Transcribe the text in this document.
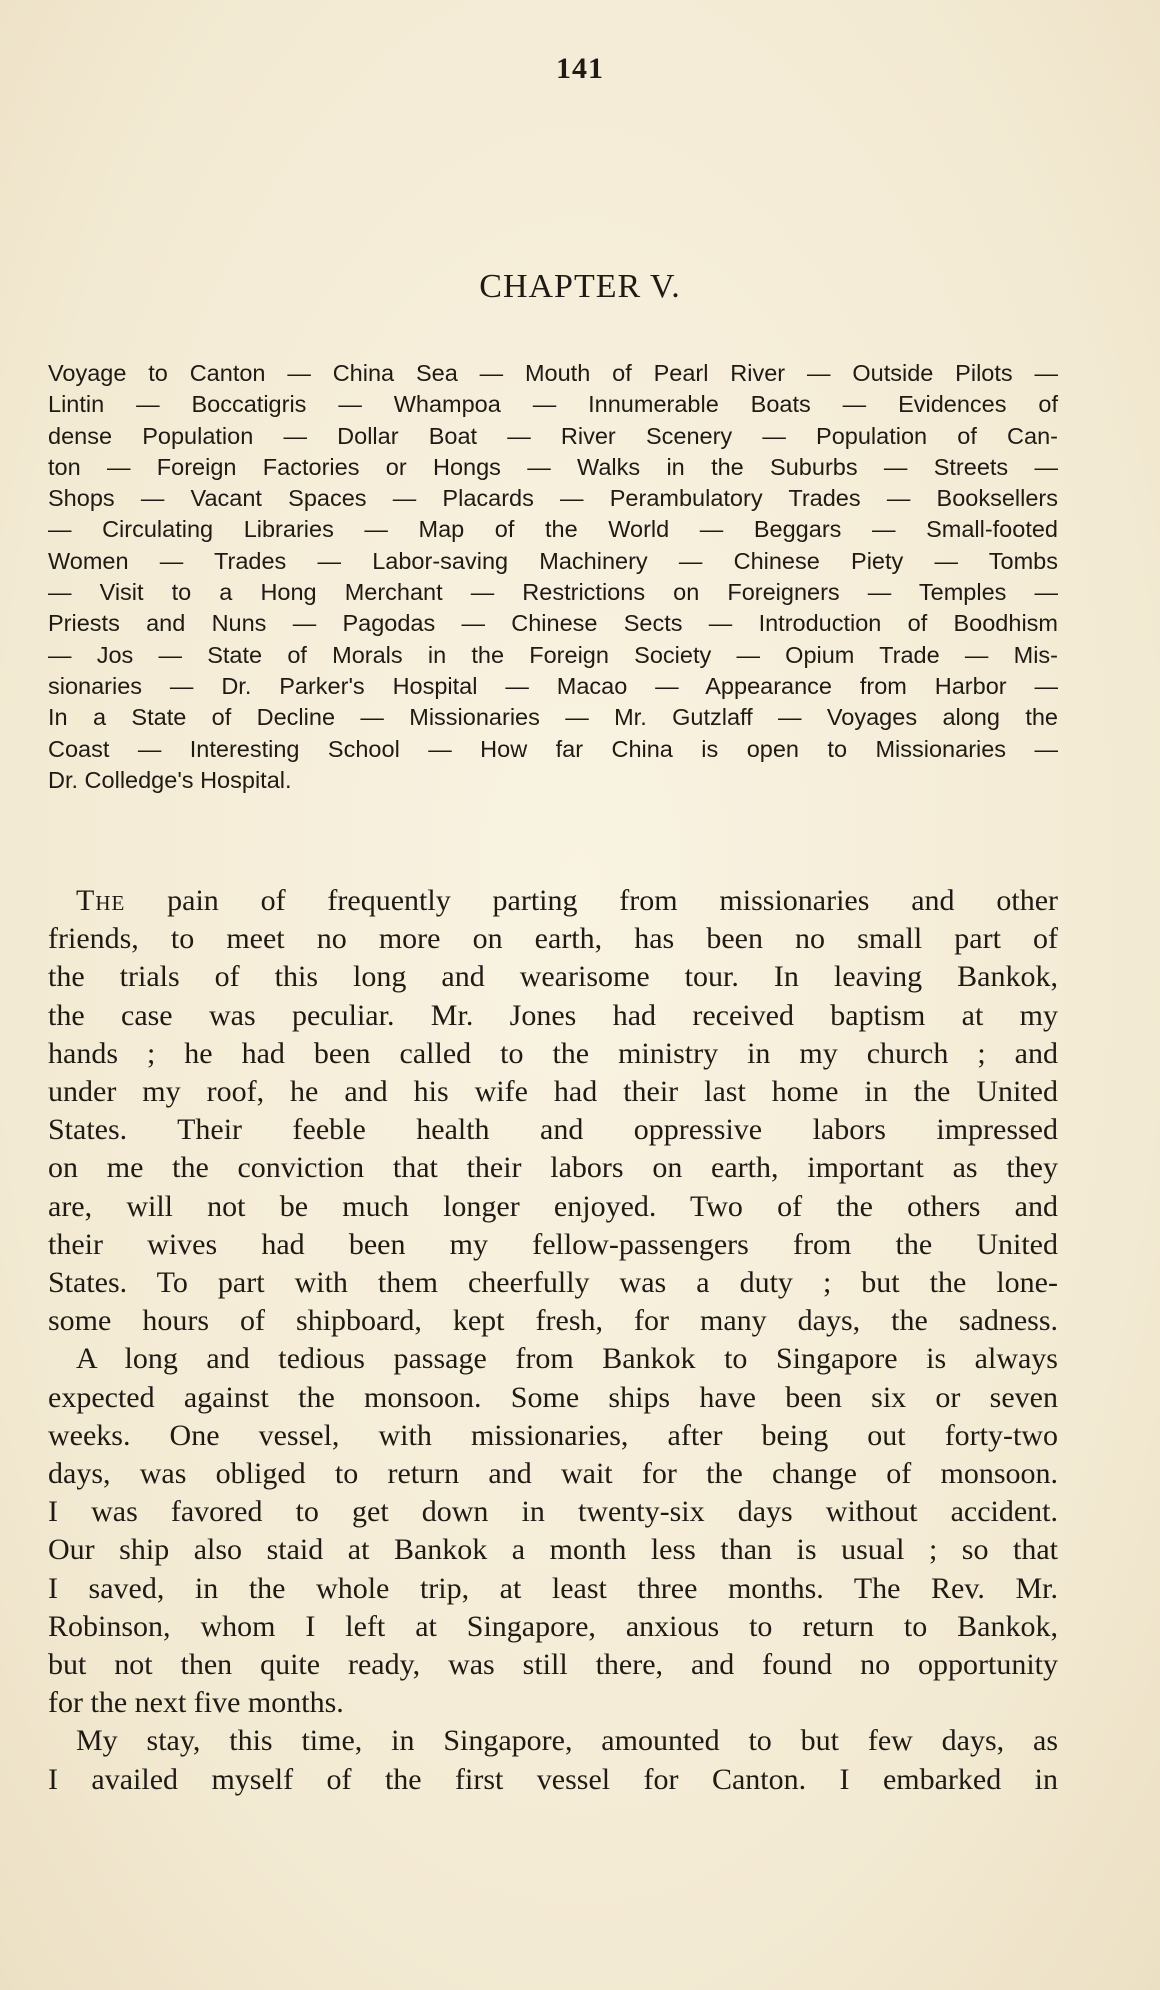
141
CHAPTER V.
Voyage to Canton — China Sea — Mouth of Pearl River — Outside Pilots —
Lintin — Boccatigris — Whampoa — Innumerable Boats — Evidences of
dense Population — Dollar Boat — River Scenery — Population of Can-
ton — Foreign Factories or Hongs — Walks in the Suburbs — Streets —
Shops — Vacant Spaces — Placards — Perambulatory Trades — Booksellers
— Circulating Libraries — Map of the World — Beggars — Small-footed
Women — Trades — Labor-saving Machinery — Chinese Piety — Tombs
— Visit to a Hong Merchant — Restrictions on Foreigners — Temples —
Priests and Nuns — Pagodas — Chinese Sects — Introduction of Boodhism
— Jos — State of Morals in the Foreign Society — Opium Trade — Mis-
sionaries — Dr. Parker's Hospital — Macao — Appearance from Harbor —
In a State of Decline — Missionaries — Mr. Gutzlaff — Voyages along the
Coast — Interesting School — How far China is open to Missionaries —
Dr. Colledge's Hospital.
The pain of frequently parting from missionaries and other
friends, to meet no more on earth, has been no small part of
the trials of this long and wearisome tour. In leaving Bankok,
the case was peculiar. Mr. Jones had received baptism at my
hands ; he had been called to the ministry in my church ; and
under my roof, he and his wife had their last home in the United
States. Their feeble health and oppressive labors impressed
on me the conviction that their labors on earth, important as they
are, will not be much longer enjoyed. Two of the others and
their wives had been my fellow-passengers from the United
States. To part with them cheerfully was a duty ; but the lone-
some hours of shipboard, kept fresh, for many days, the sadness.
A long and tedious passage from Bankok to Singapore is always
expected against the monsoon. Some ships have been six or seven
weeks. One vessel, with missionaries, after being out forty-two
days, was obliged to return and wait for the change of monsoon.
I was favored to get down in twenty-six days without accident.
Our ship also staid at Bankok a month less than is usual ; so that
I saved, in the whole trip, at least three months. The Rev. Mr.
Robinson, whom I left at Singapore, anxious to return to Bankok,
but not then quite ready, was still there, and found no opportunity
for the next five months.
My stay, this time, in Singapore, amounted to but few days, as
I availed myself of the first vessel for Canton. I embarked in
